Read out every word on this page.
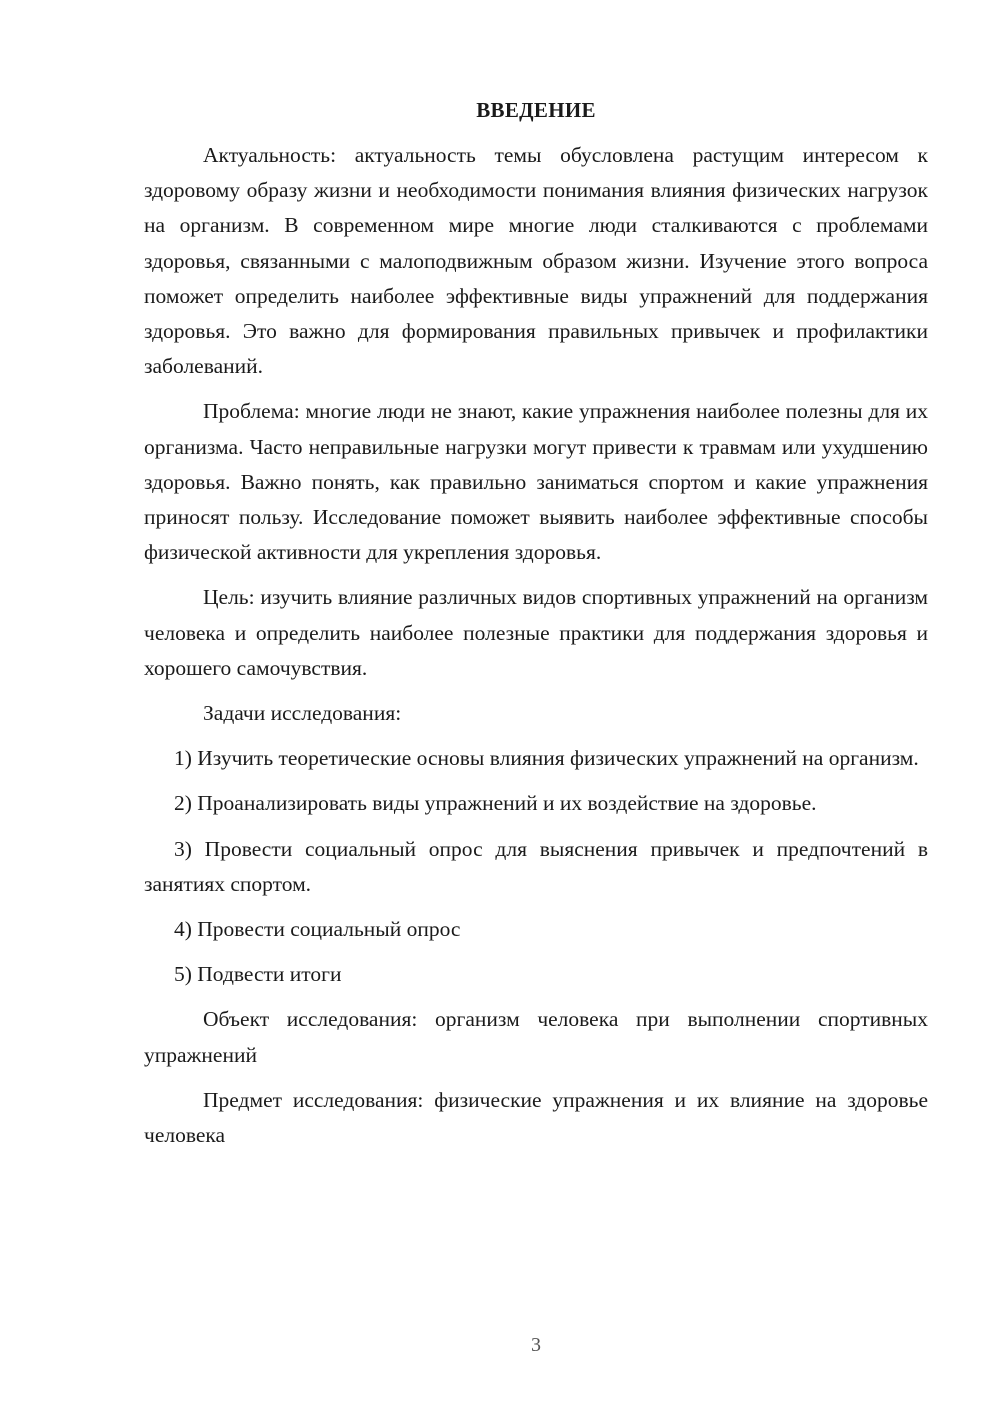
ВВЕДЕНИЕ

Актуальность: актуальность темы обусловлена растущим интересом к здоровому образу жизни и необходимости понимания влияния физических нагрузок на организм. В современном мире многие люди сталкиваются с проблемами здоровья, связанными с малоподвижным образом жизни. Изучение этого вопроса поможет определить наиболее эффективные виды упражнений для поддержания здоровья. Это важно для формирования правильных привычек и профилактики заболеваний.

Проблема: многие люди не знают, какие упражнения наиболее полезны для их организма. Часто неправильные нагрузки могут привести к травмам или ухудшению здоровья. Важно понять, как правильно заниматься спортом и какие упражнения приносят пользу. Исследование поможет выявить наиболее эффективные способы физической активности для укрепления здоровья.

Цель: изучить влияние различных видов спортивных упражнений на организм человека и определить наиболее полезные практики для поддержания здоровья и хорошего самочувствия.

Задачи исследования:

1) Изучить теоретические основы влияния физических упражнений на организм.

2) Проанализировать виды упражнений и их воздействие на здоровье.

3) Провести социальный опрос для выяснения привычек и предпочтений в занятиях спортом.

4) Провести социальный опрос

5) Подвести итоги

Объект исследования: организм человека при выполнении спортивных упражнений

Предмет исследования: физические упражнения и их влияние на здоровье человека

3
